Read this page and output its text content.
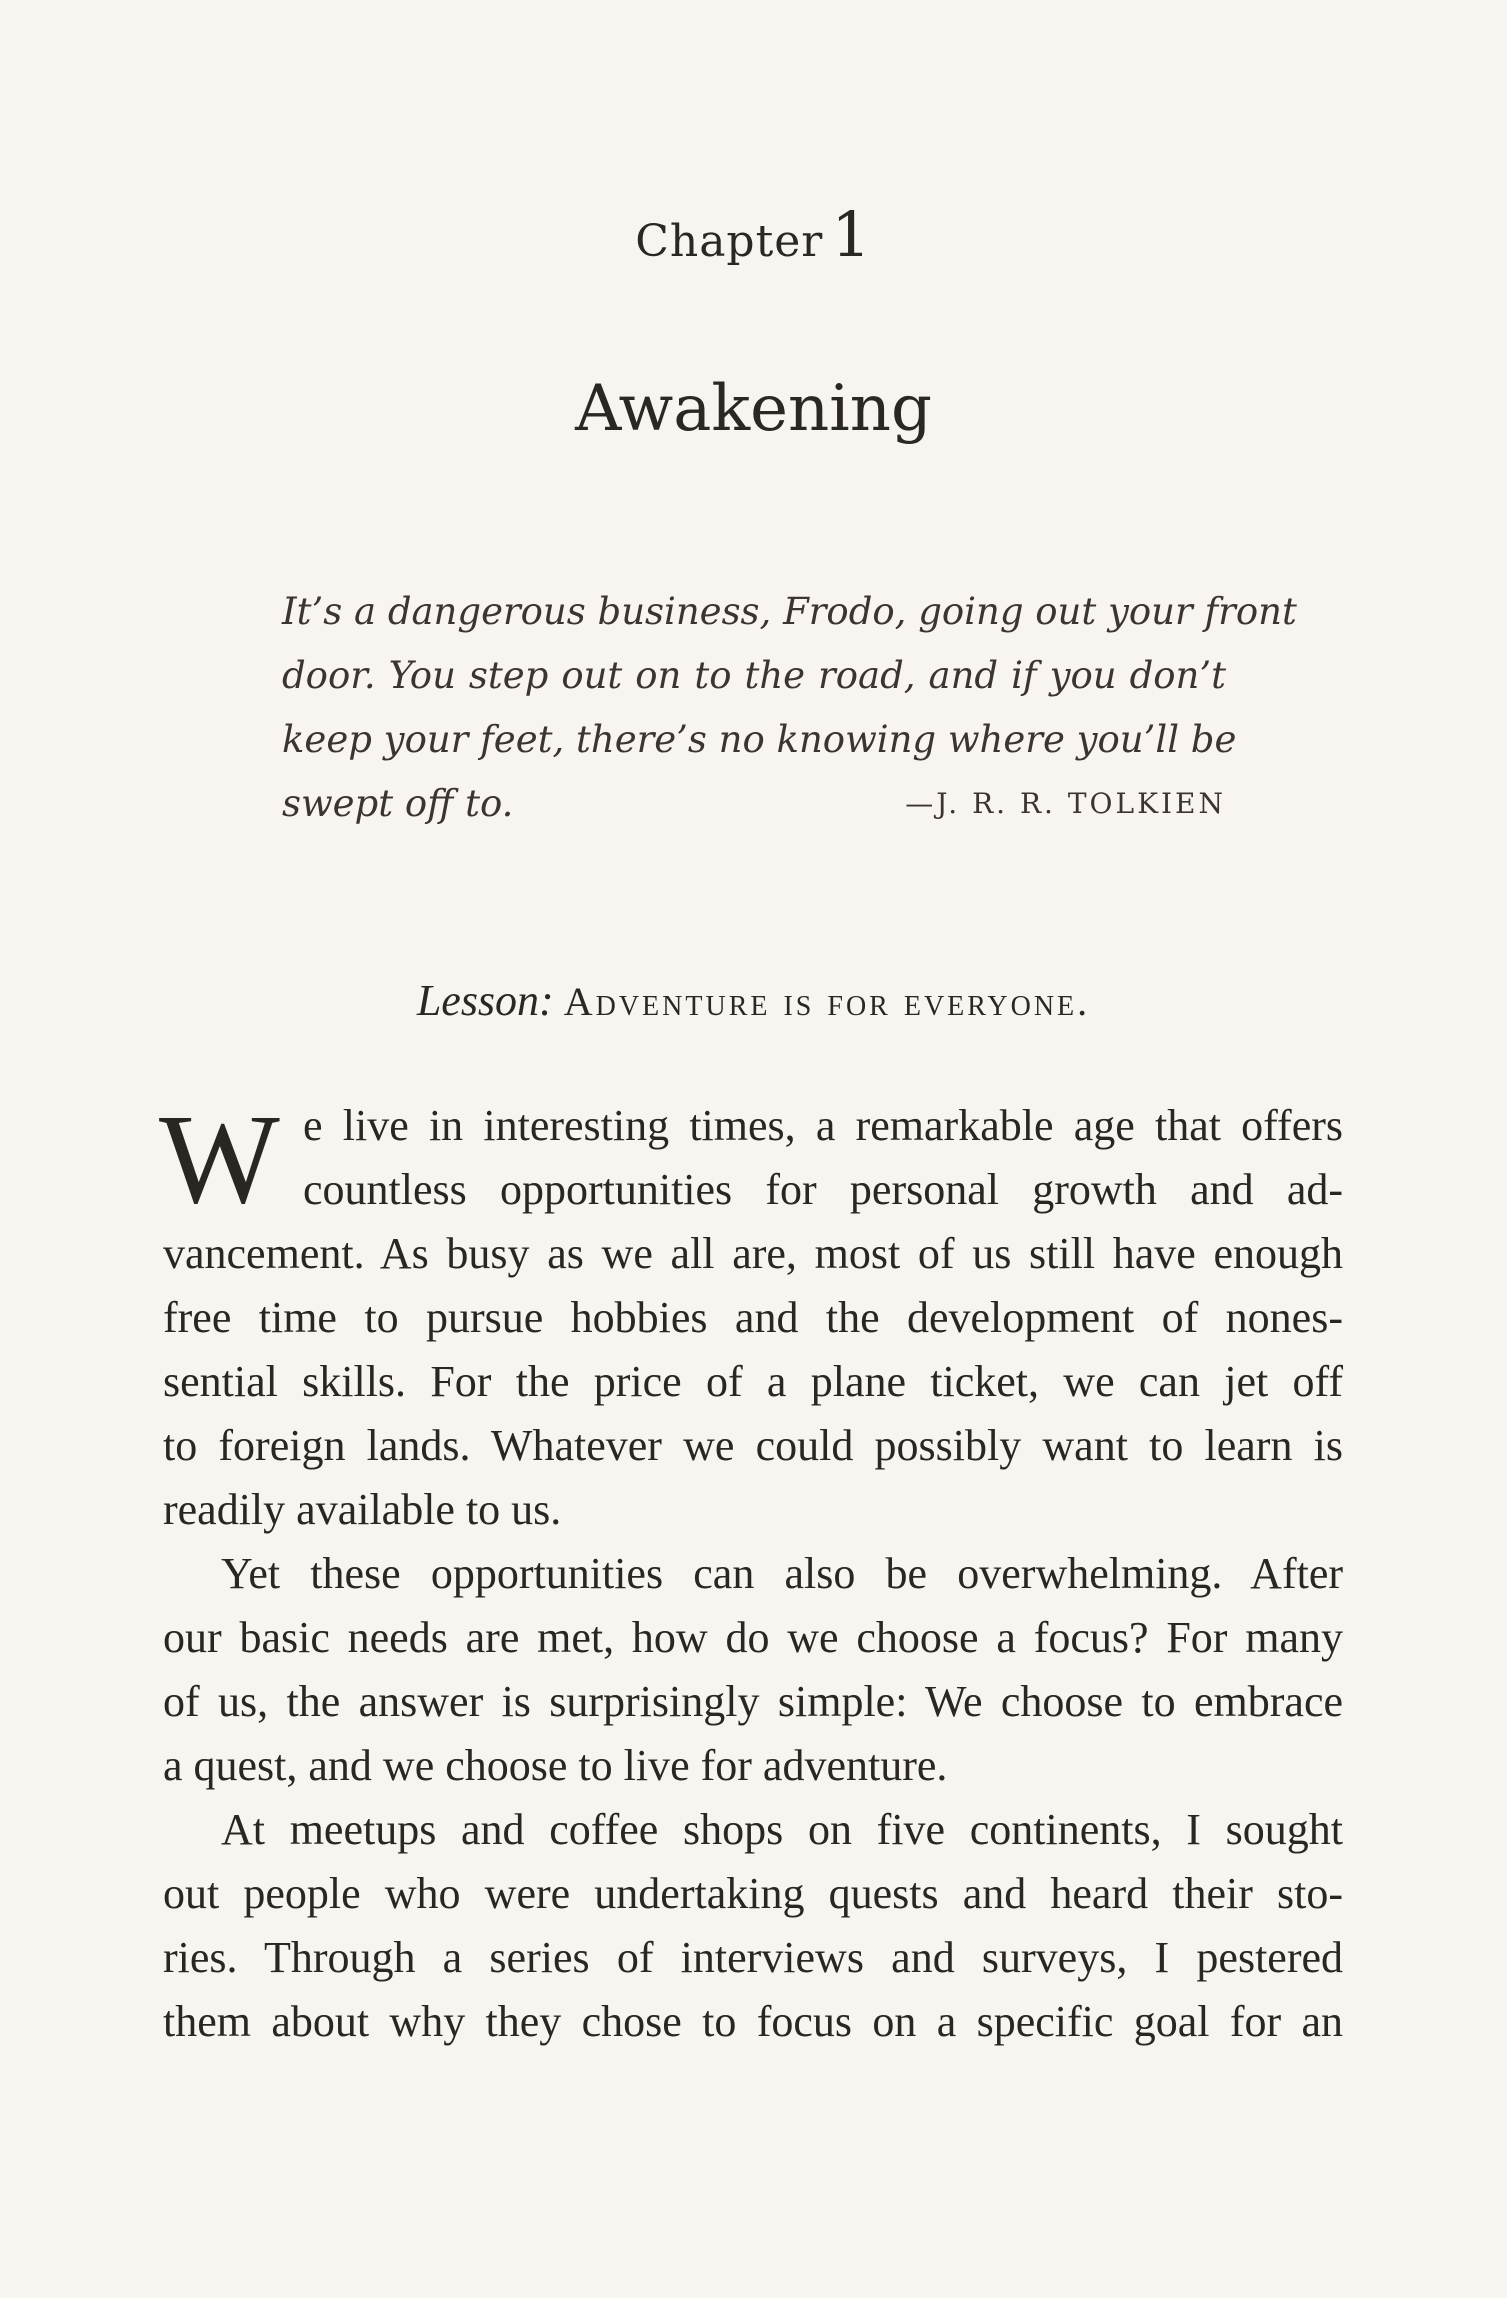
Chapter 1
Awakening
It’s a dangerous business, Frodo, going out your front
door. You step out on to the road, and if you don’t
keep your feet, there’s no knowing where you’ll be
swept off to.	—J. R. R. TOLKIEN
Lesson: Adventure is for everyone.

W e live in interesting times, a remarkable age that offers
countless opportunities for personal growth and ad-
vancement. As busy as we all are, most of us still have enough
free time to pursue hobbies and the development of nones-
sential skills. For the price of a plane ticket, we can jet off
to foreign lands. Whatever we could possibly want to learn is
readily available to us.

Yet these opportunities can also be overwhelming. After
our basic needs are met, how do we choose a focus? For many
of us, the answer is surprisingly simple: We choose to embrace
a quest, and we choose to live for adventure.

At meetups and coffee shops on five continents, I sought
out people who were undertaking quests and heard their sto-
ries. Through a series of interviews and surveys, I pestered
them about why they chose to focus on a specific goal for an
